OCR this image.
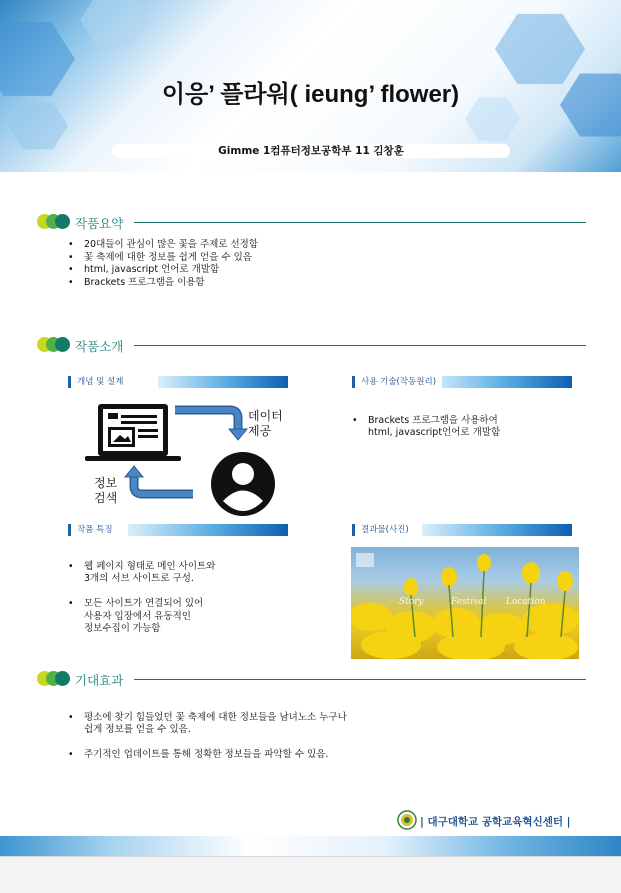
이응’ 플라워( ieung’ flower)
Gimme 1컴퓨터정보공학부 11 김창훈
작품요약
• 20대들이 관심이 많은 꽃을 주제로 선정함
• 꽃 축제에 대한 정보를 쉽게 얻을 수 있음
• html, javascript 언어로 개발함
• Brackets 프로그램을 이용함
작품소개
개념 및 설계	사용 기술(작동원리)
데이터
제공
정보
검색

• Brackets 프로그램을 사용하여
html, javascript언어로 개발함

작품 특징	결과물(사진)

• 웹 페이지 형태로 메인 사이트와
3개의 서브 사이트로 구성.

• 모든 사이트가 연결되어 있어
사용자 입장에서 유동적인
정보수집이 가능함

Story	Festival Location
기대효과

• 평소에 찾기 힘들었던 꽃 축제에 대한 정보들을 남녀노소 누구나
쉽게 정보를 얻을 수 있음.

• 주기적인 업데이트를 통해 정확한 정보들을 파악할 수 있음.

| 대구대학교 공학교육혁신센터 |
